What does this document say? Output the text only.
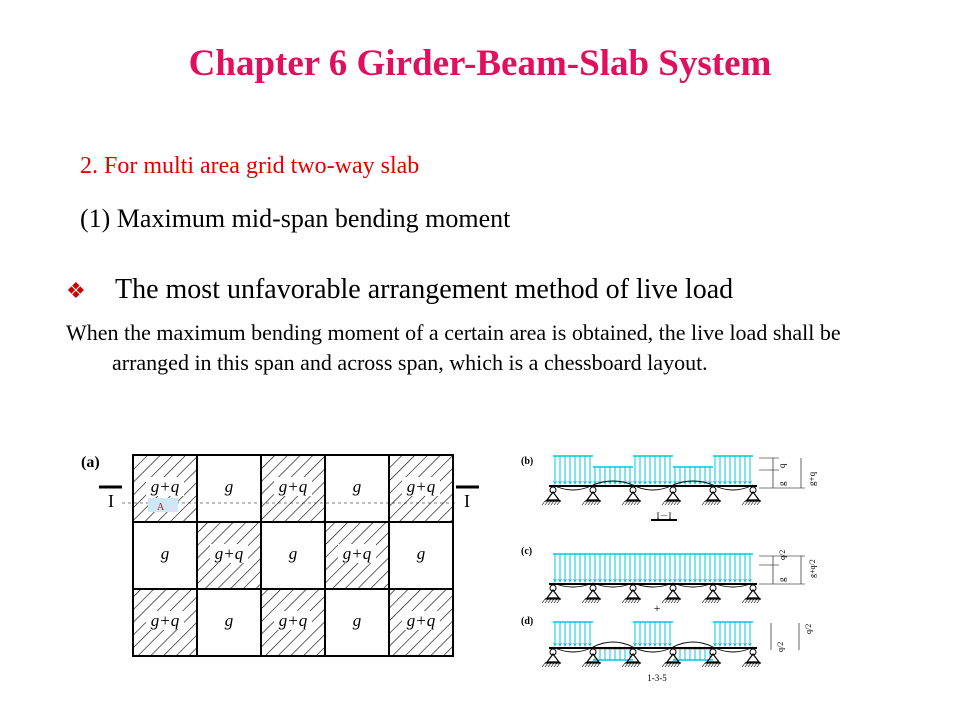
Chapter 6 Girder-Beam-Slab System
2. For multi area grid two-way slab
(1) Maximum mid-span bending moment
❖ The most unfavorable arrangement method of live load
When the maximum bending moment of a certain area is obtained, the live load shall be arranged in this span and across span, which is a chessboard layout.
(a)
g+q	g	g+q	g	g+q
g	g+q	g	g+q	g
g+q	g	g+q	g	g+q
I	I
A
(b)
(c)
(d)
I－I
+
g
q
g+q
q/2
g
g+q/2
q/2
q/2
1-3-5
